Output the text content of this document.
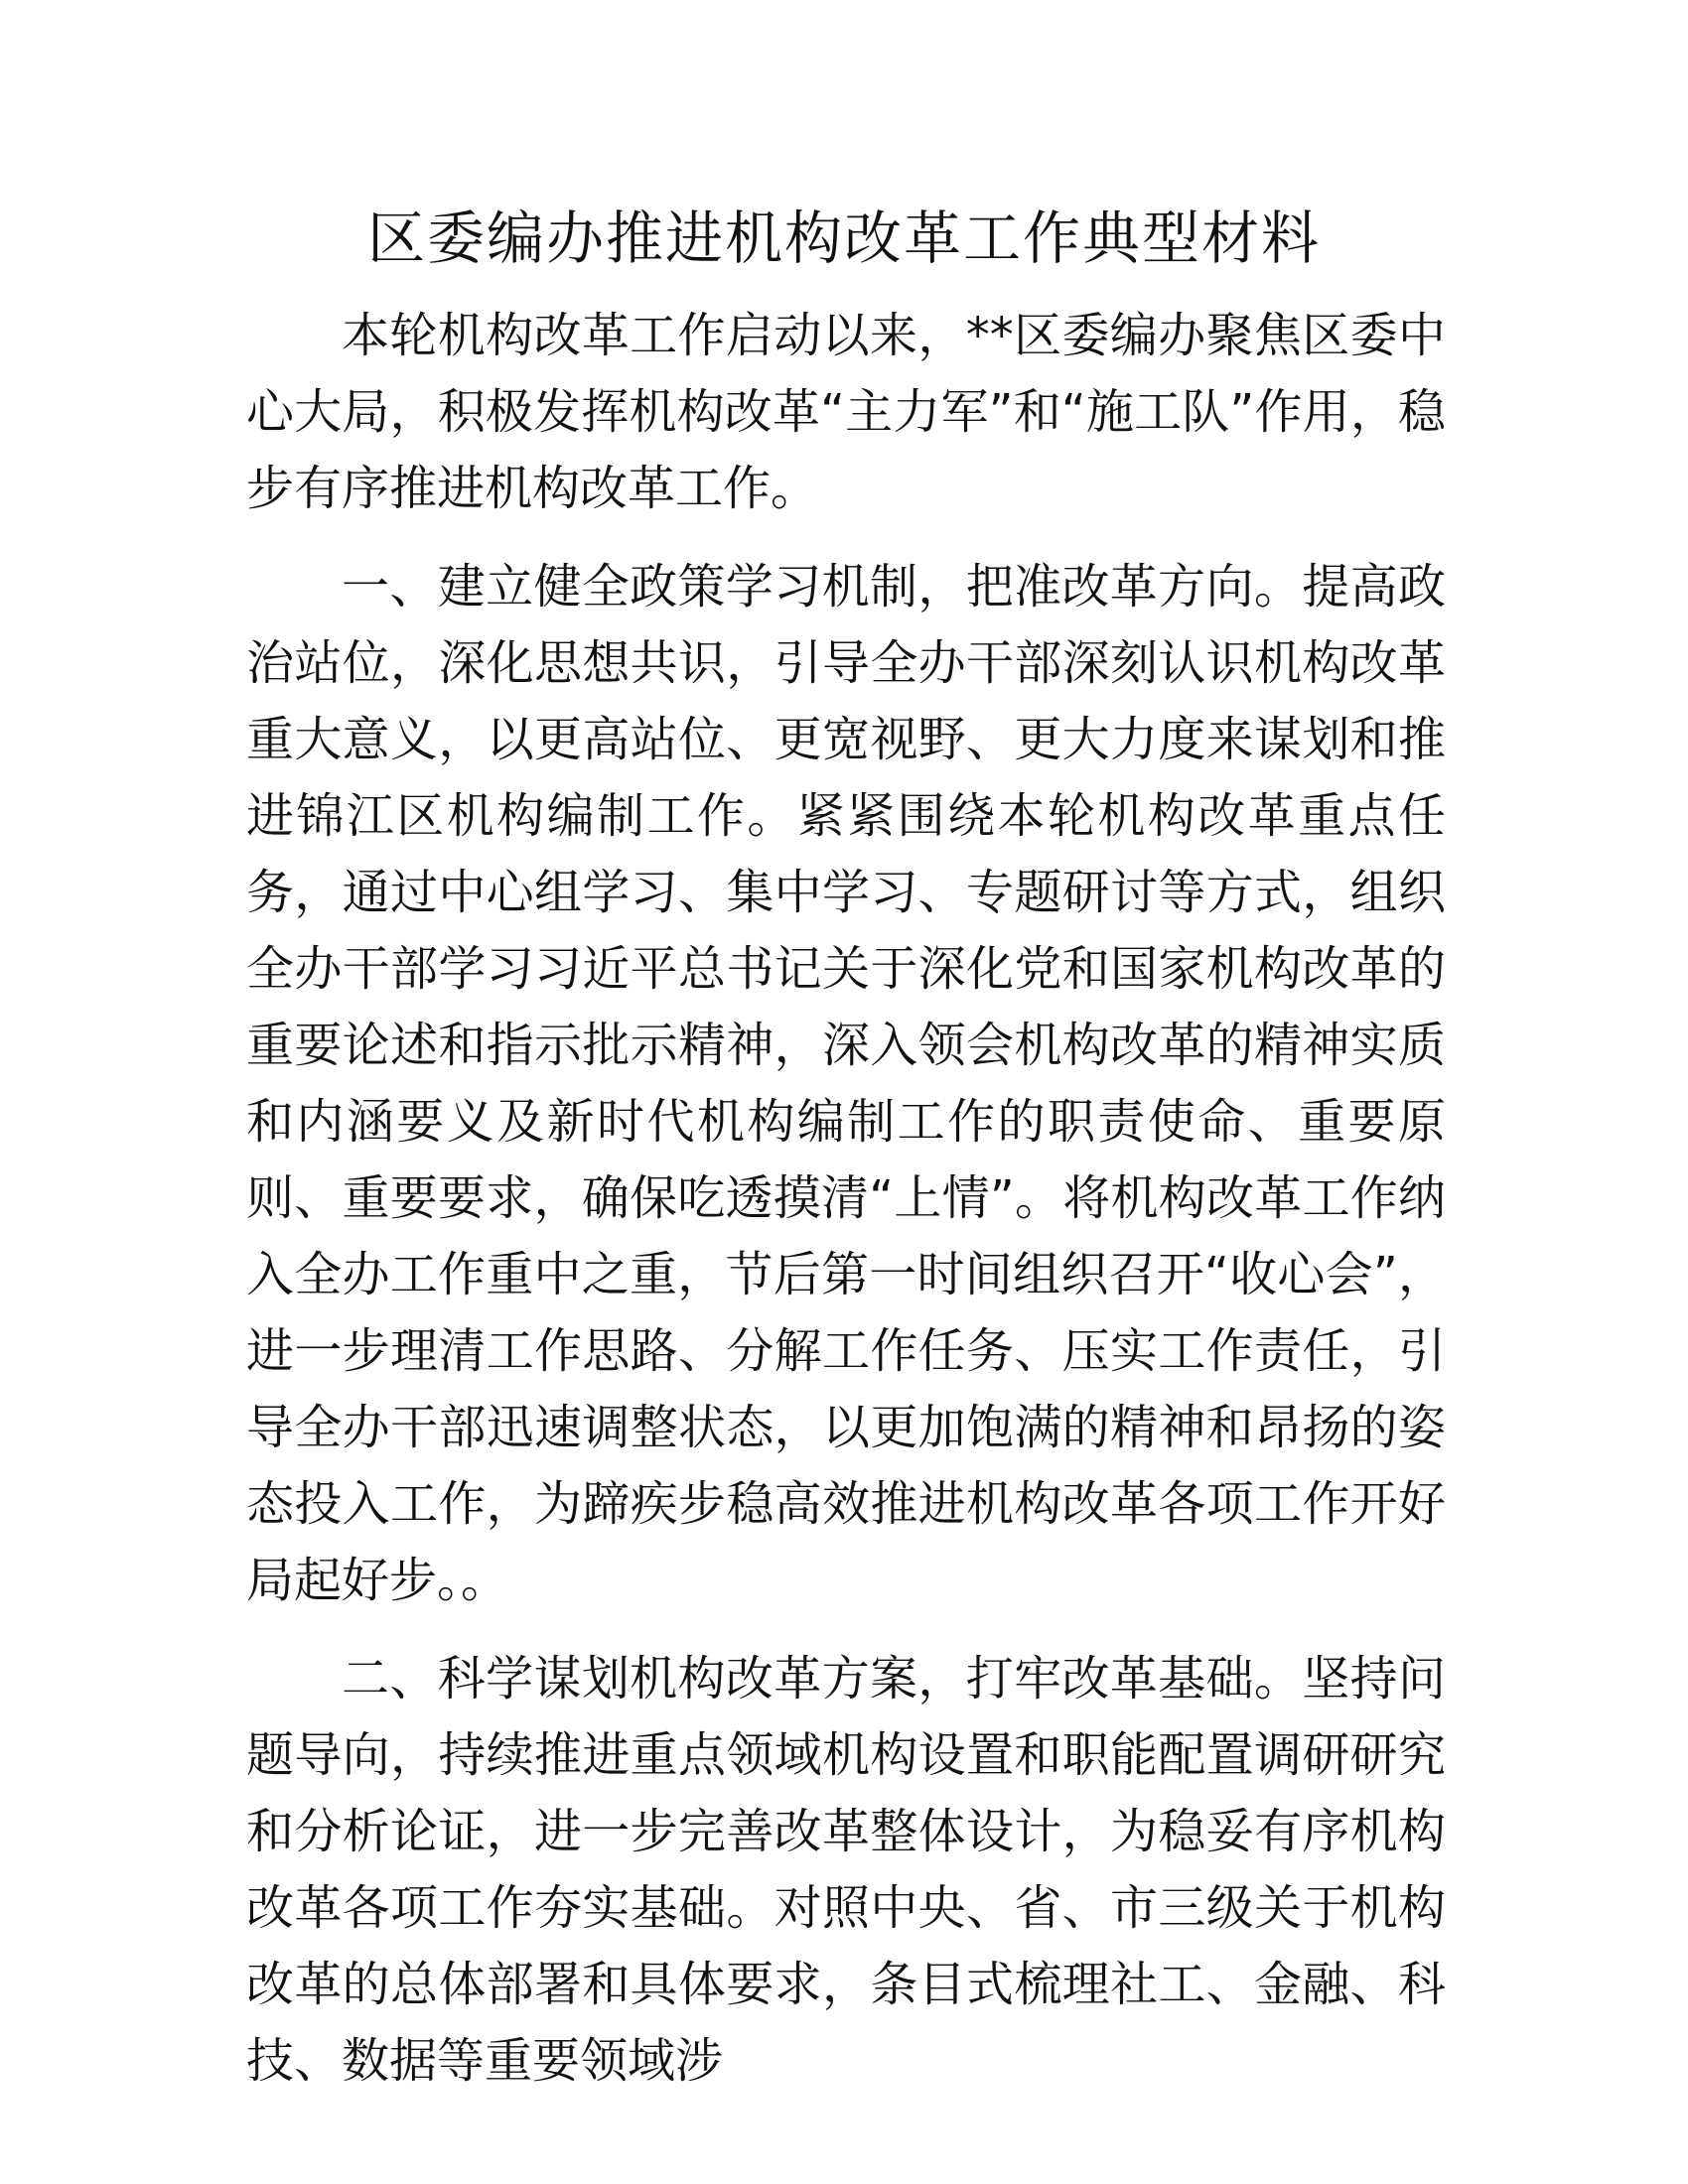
区委编办推进机构改革工作典型材料

本轮机构改革工作启动以来，**区委编办聚焦区委中心大局，积极发挥机构改革“主力军”和“施工队”作用，稳步有序推进机构改革工作。

一、建立健全政策学习机制，把准改革方向。提高政治站位，深化思想共识，引导全办干部深刻认识机构改革重大意义，以更高站位、更宽视野、更大力度来谋划和推进锦江区机构编制工作。紧紧围绕本轮机构改革重点任务，通过中心组学习、集中学习、专题研讨等方式，组织全办干部学习习近平总书记关于深化党和国家机构改革的重要论述和指示批示精神，深入领会机构改革的精神实质和内涵要义及新时代机构编制工作的职责使命、重要原则、重要要求，确保吃透摸清“上情”。将机构改革工作纳入全办工作重中之重，节后第一时间组织召开“收心会”，进一步理清工作思路、分解工作任务、压实工作责任，引导全办干部迅速调整状态，以更加饱满的精神和昂扬的姿态投入工作，为蹄疾步稳高效推进机构改革各项工作开好局起好步。。

二、科学谋划机构改革方案，打牢改革基础。坚持问题导向，持续推进重点领域机构设置和职能配置调研研究和分析论证，进一步完善改革整体设计，为稳妥有序机构改革各项工作夯实基础。对照中央、省、市三级关于机构改革的总体部署和具体要求，条目式梳理社工、金融、科技、数据等重要领域涉
